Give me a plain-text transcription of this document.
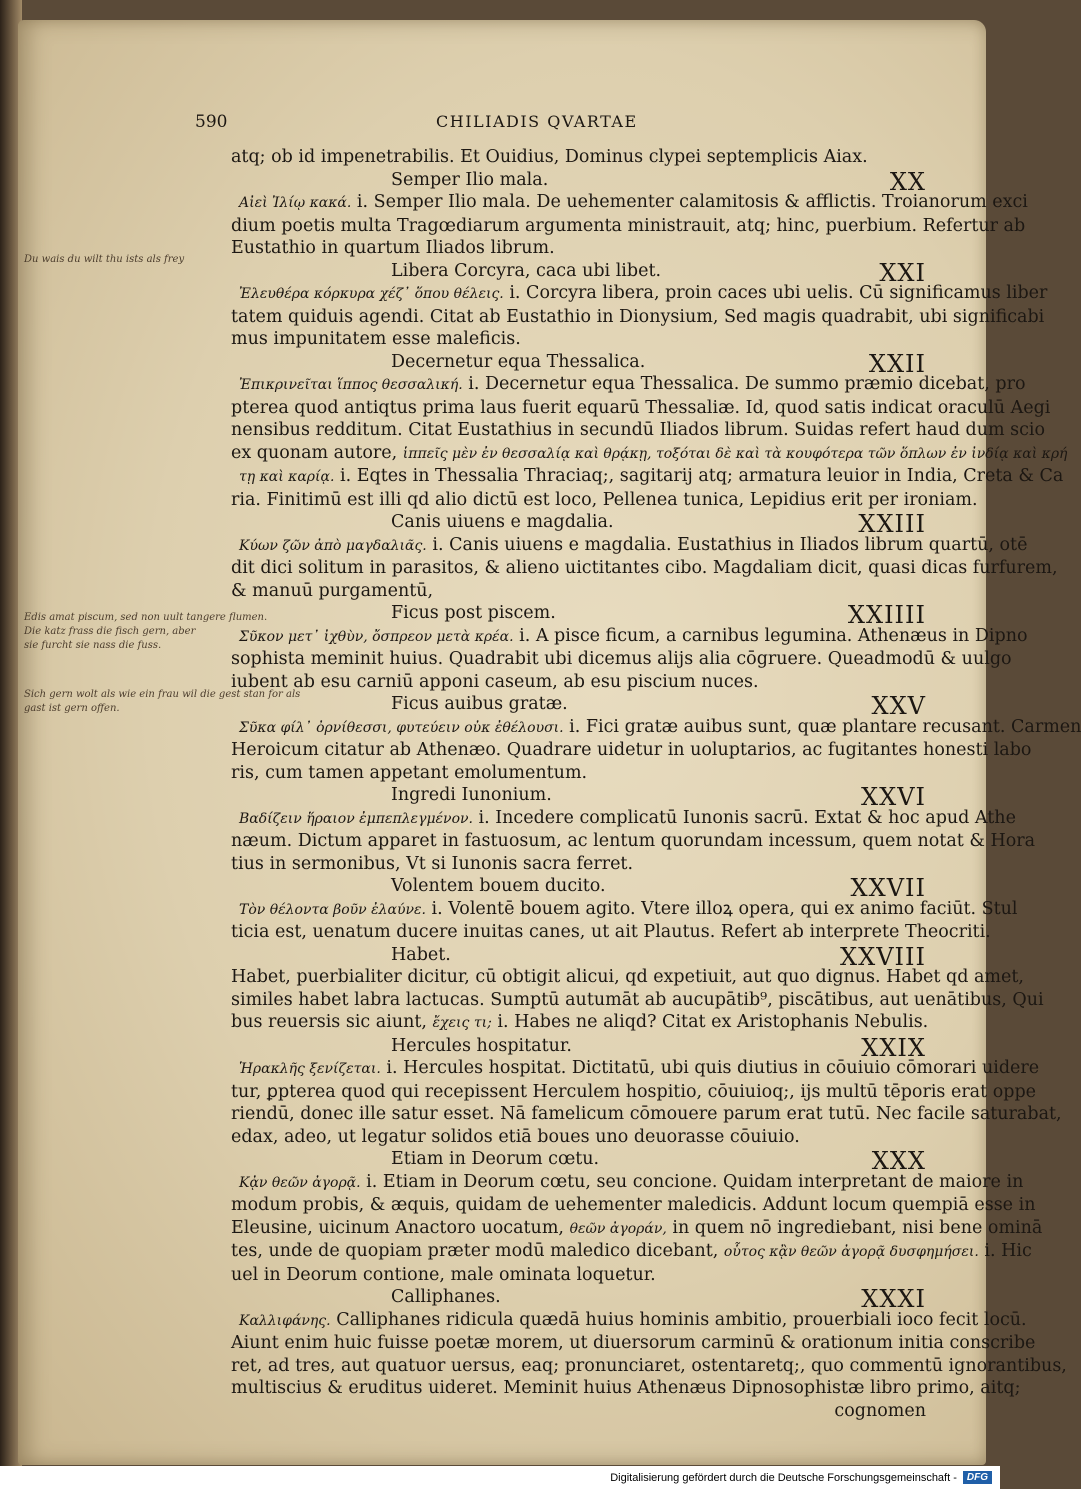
590	CHILIADIS QVARTAE
Du wais du wilt thu ists als frey
Edis amat piscum, sed non uult tangere flumen.
Die katz frass die fisch gern, aber
sie furcht sie nass die fuss.
Sich gern wolt als wie ein frau wil die gest stan for als
gast ist gern offen.
atq; ob id impenetrabilis. Et Ouidius, Dominus clypei septemplicis Aiax.
Semper Ilio mala.	XX
Αἰεὶ Ἰλίῳ κακά. i. Semper Ilio mala. De uehementer calamitosis & afflictis. Troianorum exci
dium poetis multa Tragœdiarum argumenta ministrauit, atq; hinc, puerbium. Refertur ab
Eustathio in quartum Iliados librum.
Libera Corcyra, caca ubi libet.	XXI
Ἐλευθέρα κόρκυρα χέζ᾽ ὅπου θέλεις. i. Corcyra libera, proin caces ubi uelis. Cū significamus liber
tatem quiduis agendi. Citat ab Eustathio in Dionysium, Sed magis quadrabit, ubi significabi
mus impunitatem esse maleficis.
Decernetur equa Thessalica.	XXII
Ἐπικρινεῖται ἵππος θεσσαλική. i. Decernetur equa Thessalica. De summo præmio dicebat, pro
pterea quod antiqtus prima laus fuerit equarū Thessaliæ. Id, quod satis indicat oraculū Aegi
nensibus redditum. Citat Eustathius in secundū Iliados librum. Suidas refert haud dum scio
ex quonam autore, ἱππεῖς μὲν ἐν θεσσαλίᾳ καὶ θρᾴκῃ, τοξόται δὲ καὶ τὰ κουφότερα τῶν ὅπλων ἐν ἰνδίᾳ καὶ κρή
τῃ καὶ καρίᾳ. i. Eqtes in Thessalia Thraciaq;, sagitarij atq; armatura leuior in India, Creta & Ca
ria. Finitimū est illi qd alio dictū est loco, Pellenea tunica, Lepidius erit per ironiam.
Canis uiuens e magdalia.	XXIII
Κύων ζῶν ἀπὸ μαγδαλιᾶς. i. Canis uiuens e magdalia. Eustathius in Iliados librum quartū, otē
dit dici solitum in parasitos, & alieno uictitantes cibo. Magdaliam dicit, quasi dicas furfurem,
& manuū purgamentū,
Ficus post piscem.	XXIIII
Σῦκον μετ᾽ ἰχθὺν, ὄσπρεον μετὰ κρέα. i. A pisce ficum, a carnibus legumina. Athenæus in Dipno
sophista meminit huius. Quadrabit ubi dicemus alijs alia cōgruere. Queadmodū & uulgo
iubent ab esu carniū apponi caseum, ab esu piscium nuces.
Ficus auibus gratæ.	XXV
Σῦκα φίλ᾽ ὀρνίθεσσι, φυτεύειν οὐκ ἐθέλουσι. i. Fici gratæ auibus sunt, quæ plantare recusant. Carmen
Heroicum citatur ab Athenæo. Quadrare uidetur in uoluptarios, ac fugitantes honesti labo
ris, cum tamen appetant emolumentum.
Ingredi Iunonium.	XXVI
Βαδίζειν ἥραιον ἐμπεπλεγμένον. i. Incedere complicatū Iunonis sacrū. Extat & hoc apud Athe
næum. Dictum apparet in fastuosum, ac lentum quorundam incessum, quem notat & Hora
tius in sermonibus, Vt si Iunonis sacra ferret.
Volentem bouem ducito.	XXVII
Τὸν θέλοντα βοῦν ἐλαύνε. i. Volentē bouem agito. Vtere illoꝝ opera, qui ex animo faciūt. Stul
ticia est, uenatum ducere inuitas canes, ut ait Plautus. Refert ab interprete Theocriti.
Habet.	XXVIII
Habet, puerbialiter dicitur, cū obtigit alicui, qd expetiuit, aut quo dignus. Habet qd amet,
similes habet labra lactucas. Sumptū autumāt ab aucupātib⁹, piscātibus, aut uenātibus, Qui
bus reuersis sic aiunt, ἔχεις τι; i. Habes ne aliqd? Citat ex Aristophanis Nebulis.
Hercules hospitatur.	XXIX
Ἡρακλῆς ξενίζεται. i. Hercules hospitat. Dictitatū, ubi quis diutius in cōuiuio cōmorari uidere
tur, ꝑpterea quod qui recepissent Herculem hospitio, cōuiuioq;, ijs multū tēporis erat oppe
riendū, donec ille satur esset. Nā famelicum cōmouere parum erat tutū. Nec facile saturabat,
edax, adeo, ut legatur solidos etiā boues uno deuorasse cōuiuio.
Etiam in Deorum cœtu.	XXX
Κᾀν θεῶν ἀγορᾷ. i. Etiam in Deorum cœtu, seu concione. Quidam interpretant de maiore in
modum probis, & æquis, quidam de uehementer maledicis. Addunt locum quempiā esse in
Eleusine, uicinum Anactoro uocatum, θεῶν ἀγοράν, in quem nō ingrediebant, nisi bene ominā
tes, unde de quopiam præter modū maledico dicebant, οὗτος κᾂν θεῶν ἀγορᾷ δυσφημήσει. i. Hic
uel in Deorum contione, male ominata loquetur.
Calliphanes.	XXXI
Καλλιφάνης. Calliphanes ridicula quædā huius hominis ambitio, prouerbiali ioco fecit locū.
Aiunt enim huic fuisse poetæ morem, ut diuersorum carminū & orationum initia conscribe
ret, ad tres, aut quatuor uersus, eaq; pronunciaret, ostentaretq;, quo commentū ignorantibus,
multiscius & eruditus uideret. Meminit huius Athenæus Dipnosophistæ libro primo, aitq;
cognomen
Digitalisierung gefördert durch die Deutsche Forschungsgemeinschaft -	DFG
